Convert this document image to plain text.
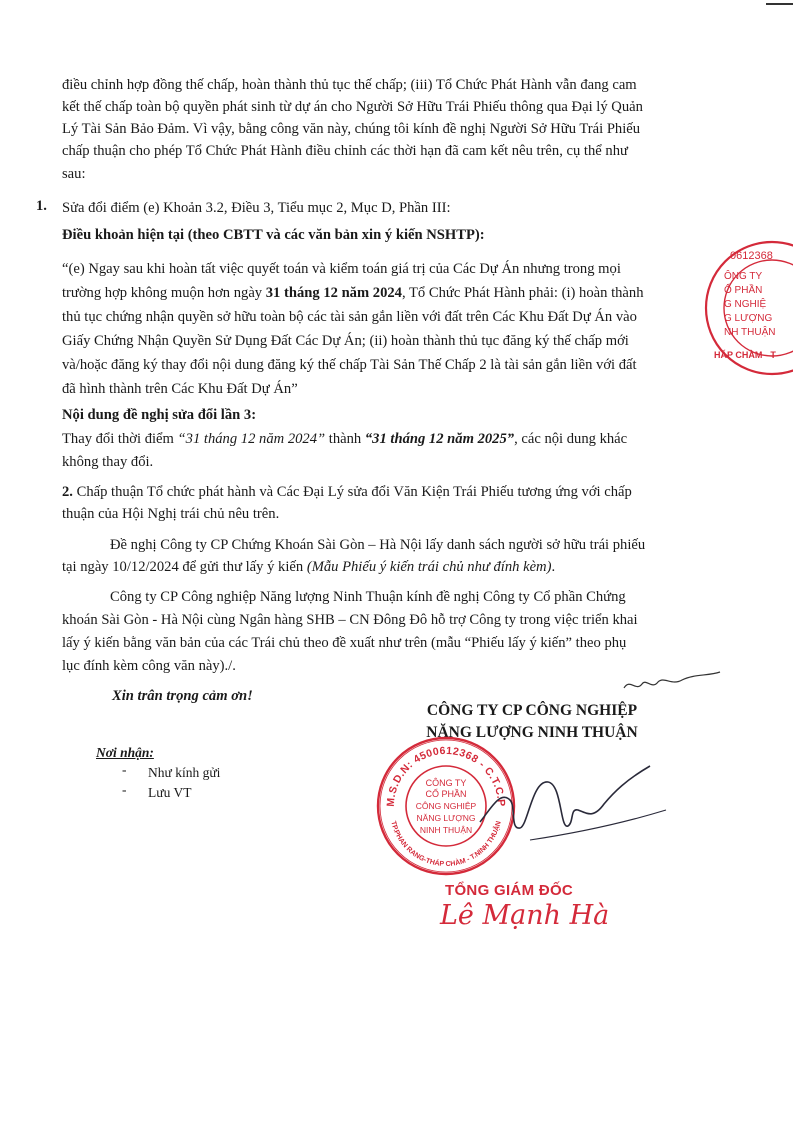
điều chỉnh hợp đồng thế chấp, hoàn thành thủ tục thế chấp; (iii) Tổ Chức Phát Hành vẫn đang cam

kết thế chấp toàn bộ quyền phát sinh từ dự án cho Người Sở Hữu Trái Phiếu thông qua Đại lý Quản

Lý Tài Sản Bảo Đảm. Vì vậy, bằng công văn này, chúng tôi kính đề nghị Người Sở Hữu Trái Phiếu

chấp thuận cho phép Tổ Chức Phát Hành điều chỉnh các thời hạn đã cam kết nêu trên, cụ thể như

sau:

1. Sửa đổi điểm (e) Khoản 3.2, Điều 3, Tiểu mục 2, Mục D, Phần III:

Điều khoản hiện tại (theo CBTT và các văn bản xin ý kiến NSHTP):

“(e) Ngay sau khi hoàn tất việc quyết toán và kiểm toán giá trị của Các Dự Án nhưng trong mọi

trường hợp không muộn hơn ngày 31 tháng 12 năm 2024, Tổ Chức Phát Hành phải: (i) hoàn thành

thủ tục chứng nhận quyền sở hữu toàn bộ các tài sản gắn liền với đất trên Các Khu Đất Dự Án vào

Giấy Chứng Nhận Quyền Sử Dụng Đất Các Dự Án; (ii) hoàn thành thủ tục đăng ký thế chấp mới

và/hoặc đăng ký thay đổi nội dung đăng ký thế chấp Tài Sản Thế Chấp 2 là tài sản gắn liền với đất

đã hình thành trên Các Khu Đất Dự Án”

Nội dung đề nghị sửa đổi lần 3:

Thay đổi thời điểm “31 tháng 12 năm 2024” thành “31 tháng 12 năm 2025”, các nội dung khác

không thay đổi.

2. Chấp thuận Tổ chức phát hành và Các Đại Lý sửa đổi Văn Kiện Trái Phiếu tương ứng với chấp

thuận của Hội Nghị trái chủ nêu trên.

Đề nghị Công ty CP Chứng Khoán Sài Gòn – Hà Nội lấy danh sách người sở hữu trái phiếu

tại ngày 10/12/2024 để gửi thư lấy ý kiến (Mẫu Phiếu ý kiến trái chủ như đính kèm).

Công ty CP Công nghiệp Năng lượng Ninh Thuận kính đề nghị Công ty Cổ phần Chứng

khoán Sài Gòn - Hà Nội cùng Ngân hàng SHB – CN Đông Đô hỗ trợ Công ty trong việc triển khai

lấy ý kiến bằng văn bản của các Trái chủ theo đề xuất như trên (mẫu “Phiếu lấy ý kiến” theo phụ

lục đính kèm công văn này)./.

Xin trân trọng cảm ơn!

Nơi nhận:

- Như kính gửi

- Lưu VT

CÔNG TY CP CÔNG NGHIỆP
NĂNG LƯỢNG NINH THUẬN
0612368
ÔNG TY
Ổ PHẦN
G NGHIỆ
G LƯỢNG
NH THUẬN
HÁP CHÀM - T
M.S.D.N: 4500612368 - C.T.C.P
TP.PHAN RANG-THÁP CHÀM - T.NINH THUẬN
CÔNG TY
CỔ PHẦN
CÔNG NGHIỆP
NĂNG LƯỢNG
NINH THUẬN
TỔNG GIÁM ĐỐC
Lê Mạnh Hà
